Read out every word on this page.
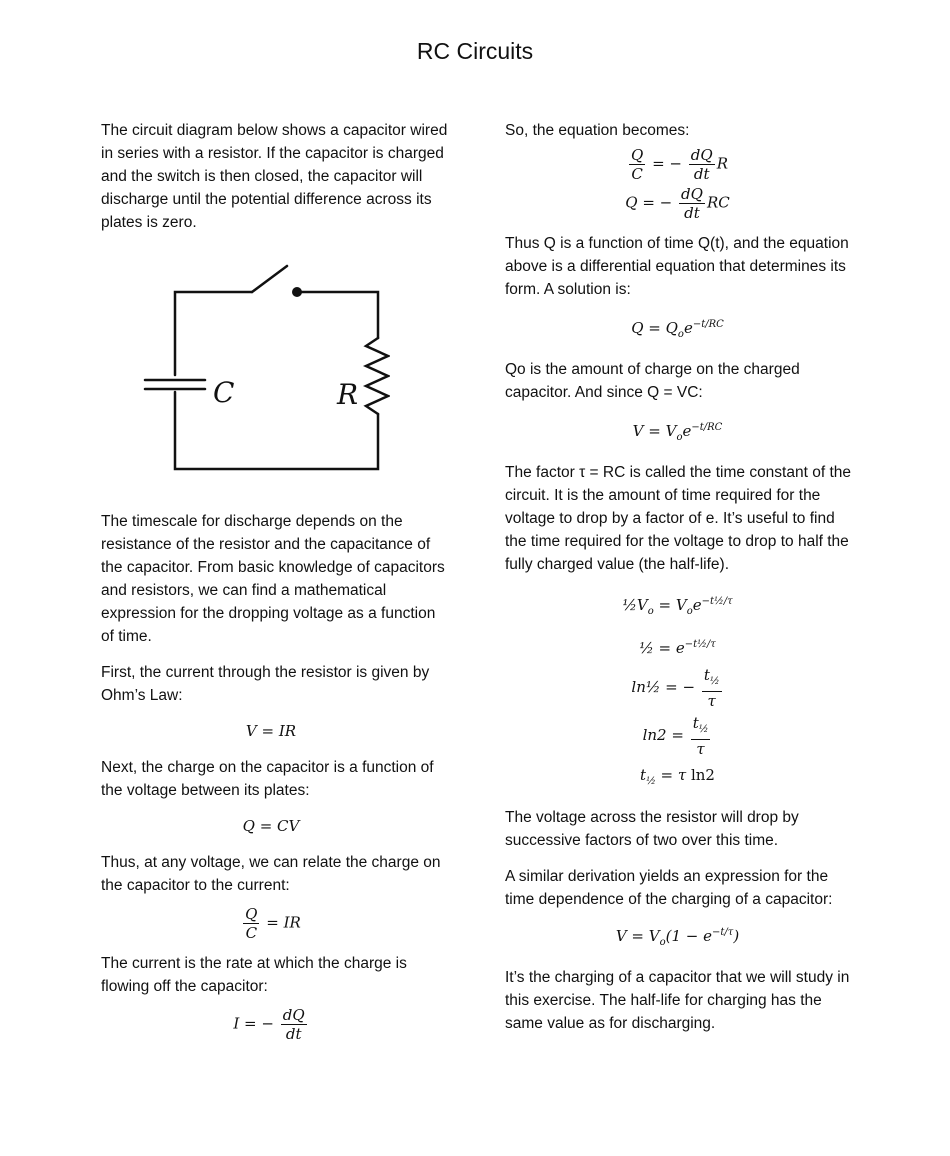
RC Circuits

The circuit diagram below shows a capacitor wired in series with a resistor. If the capacitor is charged and the switch is then closed, the capacitor will discharge until the potential difference across its plates is zero.

C	R

The timescale for discharge depends on the resistance of the resistor and the capacitance of the capacitor. From basic knowledge of capacitors and resistors, we can find a mathematical expression for the dropping voltage as a function of time.

First, the current through the resistor is given by Ohm’s Law:

V = IR

Next, the charge on the capacitor is a function of the voltage between its plates:

Q = CV

Thus, at any voltage, we can relate the charge on the capacitor to the current:

$\frac{Q}{C}$ = IR

The current is the rate at which the charge is flowing off the capacitor:

I = − $\frac{dQ}{dt}$

So, the equation becomes:

$\frac{Q}{C}$ = − $\frac{dQ}{dt}$ R
Q = − $\frac{dQ}{dt}$ RC

Thus Q is a function of time Q(t), and the equation above is a differential equation that determines its form. A solution is:

$Q = Q_oe^{-t/RC}$

Qo is the amount of charge on the charged capacitor. And since Q = VC:

$V = V_oe^{-t/RC}$

The factor τ = RC is called the time constant of the circuit. It is the amount of time required for the voltage to drop by a factor of e. It’s useful to find the time required for the voltage to drop to half the fully charged value (the half-life).

$\frac{1}{2}V_o = V_oe^{-t\frac{1}{2}/\tau}$
½ = $e^{-t\frac{1}{2}/\tau}$
ln½ = − $\frac{t_{\frac{1}{2}}}{\tau}$
$\ln 2 = \frac{t_{\frac{1}{2}}}{\tau}$
$t_{\frac{1}{2}} = \tau$ ln2

The voltage across the resistor will drop by successive factors of two over this time.

A similar derivation yields an expression for the time dependence of the charging of a capacitor:

$V = V_o(1 - e^{-t/\tau})$

It’s the charging of a capacitor that we will study in this exercise. The half-life for charging has the same value as for discharging.
